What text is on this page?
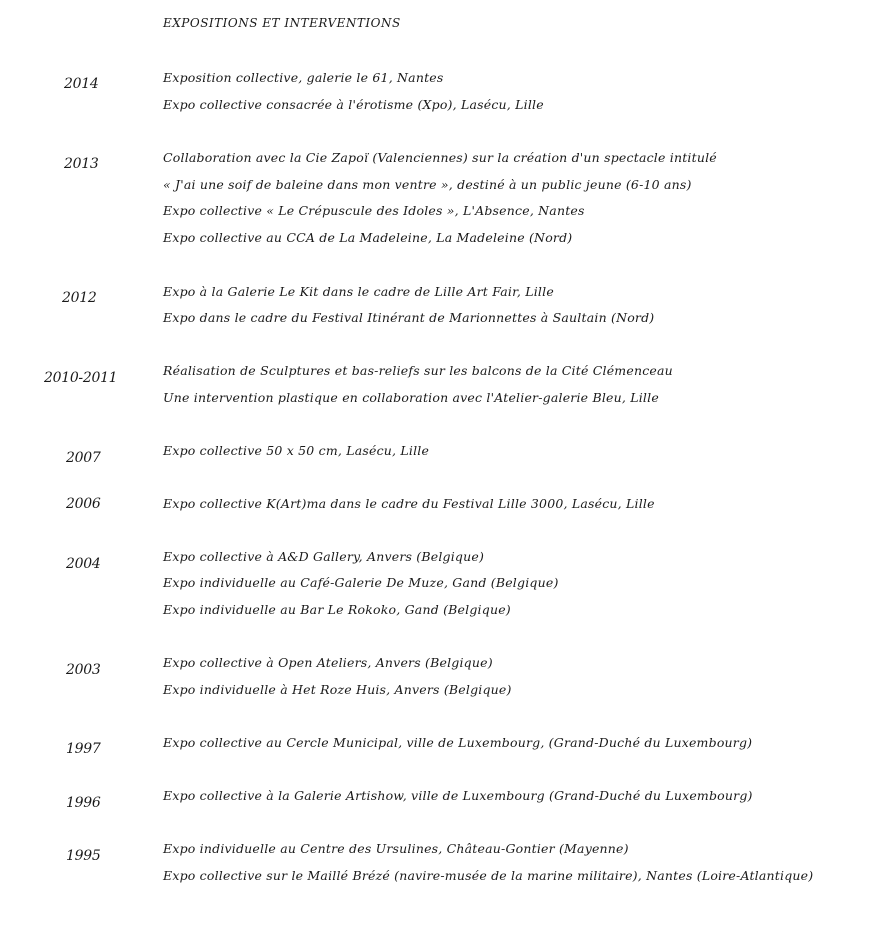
EXPOSITIONS ET INTERVENTIONS
2014	Exposition collective, galerie le 61, Nantes
Expo collective consacrée à l'érotisme (Xpo), Lasécu, Lille
2013	Collaboration avec la Cie Zapoï (Valenciennes) sur la création d'un spectacle intitulé
« J'ai une soif de baleine dans mon ventre », destiné à un public jeune (6-10 ans)
Expo collective « Le Crépuscule des Idoles », L'Absence, Nantes
Expo collective au CCA de La Madeleine, La Madeleine (Nord)
2012	Expo à la Galerie Le Kit dans le cadre de Lille Art Fair, Lille
Expo dans le cadre du Festival Itinérant de Marionnettes à Saultain (Nord)
2010-2011	Réalisation de Sculptures et bas-reliefs sur les balcons de la Cité Clémenceau
Une intervention plastique en collaboration avec l'Atelier-galerie Bleu, Lille
2007	Expo collective 50 x 50 cm, Lasécu, Lille
2006	Expo collective K(Art)ma dans le cadre du Festival Lille 3000, Lasécu, Lille
2004	Expo collective à A&D Gallery, Anvers (Belgique)
Expo individuelle au Café-Galerie De Muze, Gand (Belgique)
Expo individuelle au Bar Le Rokoko, Gand (Belgique)
2003	Expo collective à Open Ateliers, Anvers (Belgique)
Expo individuelle à Het Roze Huis, Anvers (Belgique)
1997	Expo collective au Cercle Municipal, ville de Luxembourg, (Grand-Duché du Luxembourg)
1996	Expo collective à la Galerie Artishow, ville de Luxembourg (Grand-Duché du Luxembourg)
1995	Expo individuelle au Centre des Ursulines, Château-Gontier (Mayenne)
Expo collective sur le Maillé Brézé (navire-musée de la marine militaire), Nantes (Loire-Atlantique)
